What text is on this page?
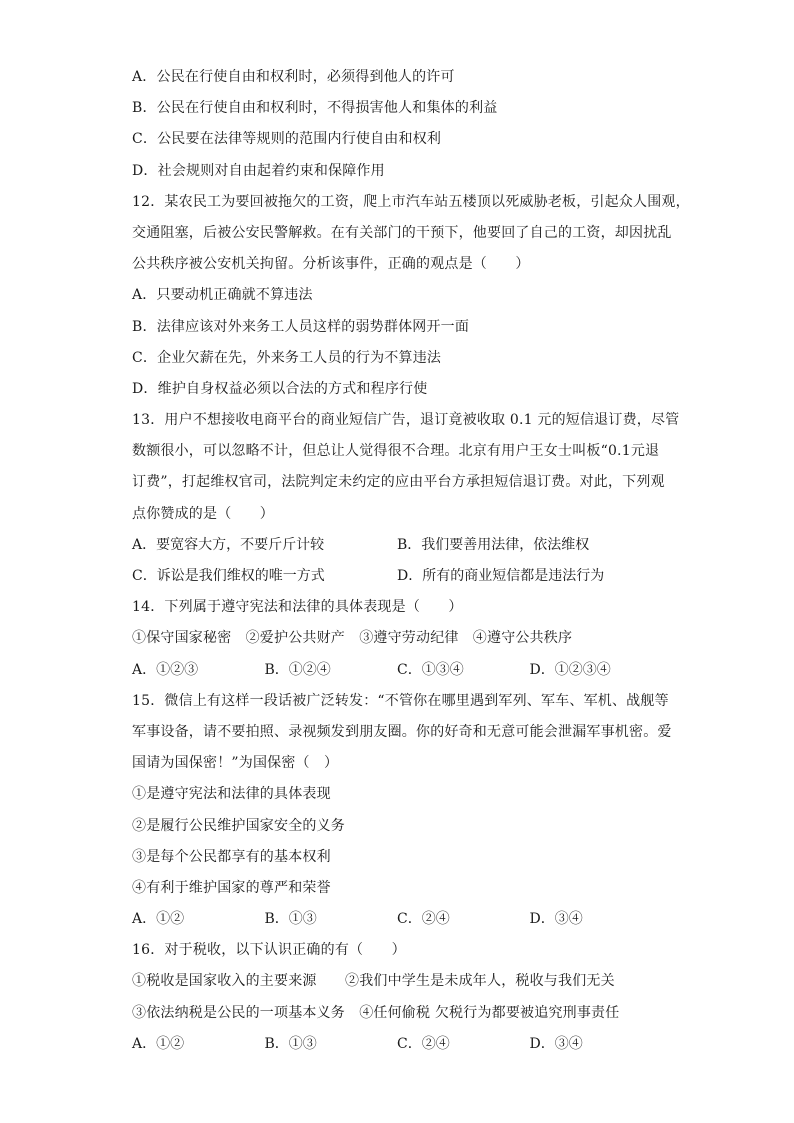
A．公民在行使自由和权利时，必须得到他人的许可
B．公民在行使自由和权利时，不得损害他人和集体的利益
C．公民要在法律等规则的范围内行使自由和权利
D．社会规则对自由起着约束和保障作用
12．某农民工为要回被拖欠的工资，爬上市汽车站五楼顶以死威胁老板，引起众人围观，
交通阻塞，后被公安民警解救。在有关部门的干预下，他要回了自己的工资，却因扰乱
公共秩序被公安机关拘留。分析该事件，正确的观点是（　　）
A．只要动机正确就不算违法
B．法律应该对外来务工人员这样的弱势群体网开一面
C．企业欠薪在先，外来务工人员的行为不算违法
D．维护自身权益必须以合法的方式和程序行使
13．用户不想接收电商平台的商业短信广告，退订竟被收取 0.1 元的短信退订费，尽管
数额很小，可以忽略不计，但总让人觉得很不合理。北京有用户王女士叫板“0.1元退
订费”，打起维权官司，法院判定未约定的应由平台方承担短信退订费。对此，下列观
点你赞成的是（　　）
A．要宽容大方，不要斤斤计较	B．我们要善用法律，依法维权
C．诉讼是我们维权的唯一方式	D．所有的商业短信都是违法行为
14．下列属于遵守宪法和法律的具体表现是（　　）
①保守国家秘密　②爱护公共财产　③遵守劳动纪律　④遵守公共秩序
A．①②③	B．①②④	C．①③④	D．①②③④
15．微信上有这样一段话被广泛转发：“不管你在哪里遇到军列、军车、军机、战舰等
军事设备，请不要拍照、录视频发到朋友圈。你的好奇和无意可能会泄漏军事机密。爱
国请为国保密！”为国保密（　）
①是遵守宪法和法律的具体表现
②是履行公民维护国家安全的义务
③是每个公民都享有的基本权利
④有利于维护国家的尊严和荣誉
A．①②	B．①③	C．②④	D．③④
16．对于税收，以下认识正确的有（　　）
①税收是国家收入的主要来源　　②我们中学生是未成年人，税收与我们无关
③依法纳税是公民的一项基本义务　④任何偷税 欠税行为都要被追究刑事责任
A．①②	B．①③	C．②④	D．③④
